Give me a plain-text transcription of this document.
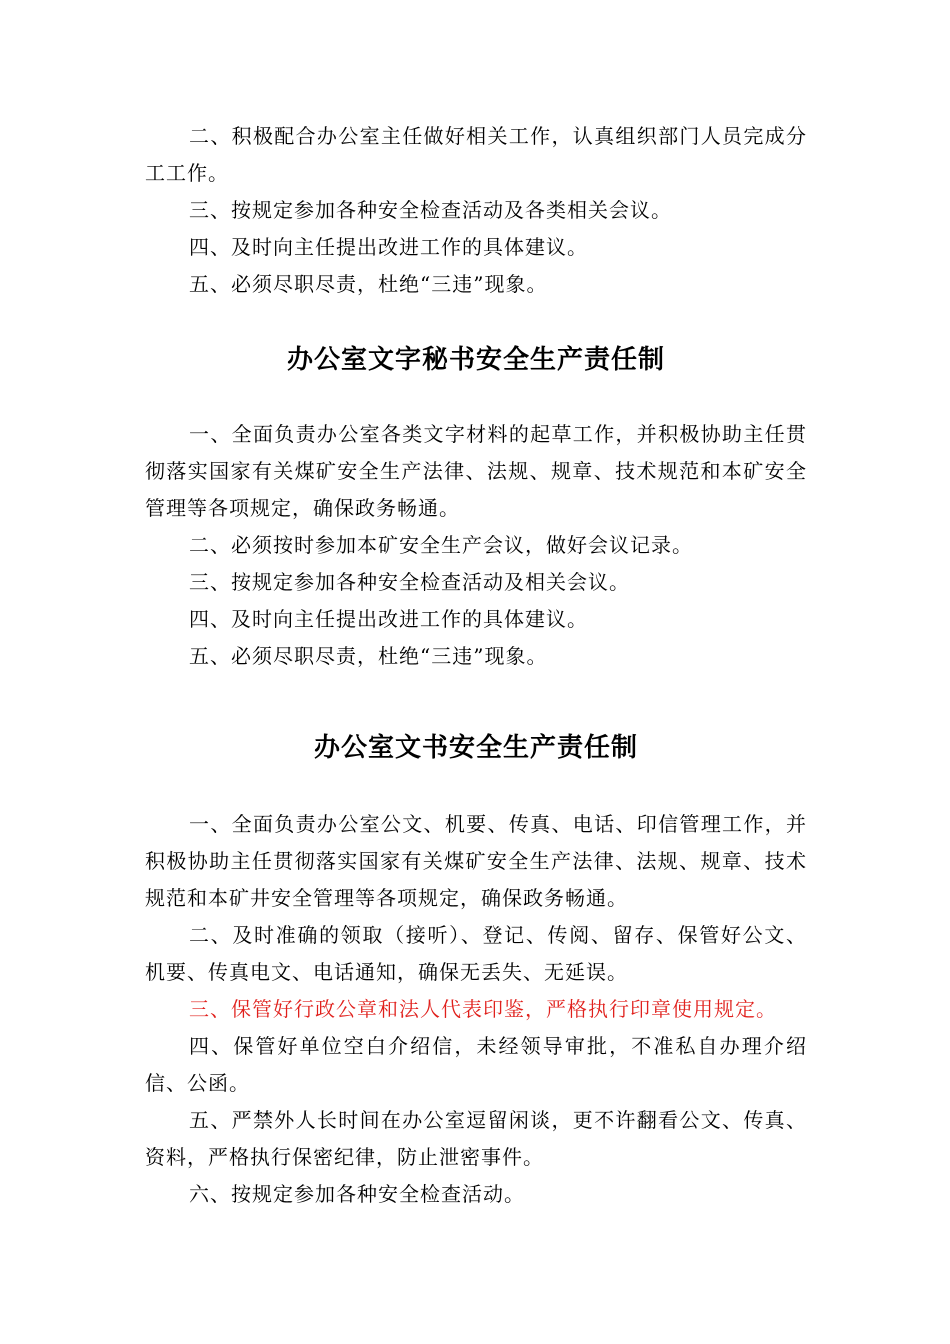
二、积极配合办公室主任做好相关工作，认真组织部门人员完成分工工作。

三、按规定参加各种安全检查活动及各类相关会议。

四、及时向主任提出改进工作的具体建议。

五、必须尽职尽责，杜绝“三违”现象。

办公室文字秘书安全生产责任制

一、全面负责办公室各类文字材料的起草工作，并积极协助主任贯彻落实国家有关煤矿安全生产法律、法规、规章、技术规范和本矿安全管理等各项规定，确保政务畅通。

二、必须按时参加本矿安全生产会议，做好会议记录。

三、按规定参加各种安全检查活动及相关会议。

四、及时向主任提出改进工作的具体建议。

五、必须尽职尽责，杜绝“三违”现象。

办公室文书安全生产责任制

一、全面负责办公室公文、机要、传真、电话、印信管理工作，并积极协助主任贯彻落实国家有关煤矿安全生产法律、法规、规章、技术规范和本矿井安全管理等各项规定，确保政务畅通。

二、及时准确的领取（接听）、登记、传阅、留存、保管好公文、机要、传真电文、电话通知，确保无丢失、无延误。

三、保管好行政公章和法人代表印鉴，严格执行印章使用规定。

四、保管好单位空白介绍信，未经领导审批，不准私自办理介绍信、公函。

五、严禁外人长时间在办公室逗留闲谈，更不许翻看公文、传真、资料，严格执行保密纪律，防止泄密事件。

六、按规定参加各种安全检查活动。
